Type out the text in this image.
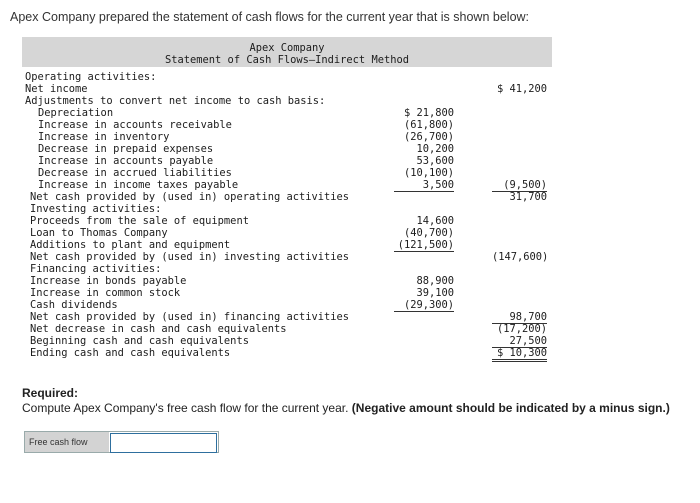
Apex Company prepared the statement of cash flows for the current year that is shown below:
Apex Company
Statement of Cash Flows—Indirect Method
Operating activities:
Net income	$ 41,200
Adjustments to convert net income to cash basis:
Depreciation	$ 21,800
Increase in accounts receivable	(61,800)
Increase in inventory	(26,700)
Decrease in prepaid expenses	10,200
Increase in accounts payable	53,600
Decrease in accrued liabilities	(10,100)
Increase in income taxes payable	3,500	(9,500)
Net cash provided by (used in) operating activities	31,700
Investing activities:
Proceeds from the sale of equipment	14,600
Loan to Thomas Company	(40,700)
Additions to plant and equipment	(121,500)
Net cash provided by (used in) investing activities	(147,600)
Financing activities:
Increase in bonds payable	88,900
Increase in common stock	39,100
Cash dividends	(29,300)
Net cash provided by (used in) financing activities	98,700
Net decrease in cash and cash equivalents	(17,200)
Beginning cash and cash equivalents	27,500
Ending cash and cash equivalents	$ 10,300
Required:
Compute Apex Company's free cash flow for the current year. (Negative amount should be indicated by a minus sign.)
Free cash flow
